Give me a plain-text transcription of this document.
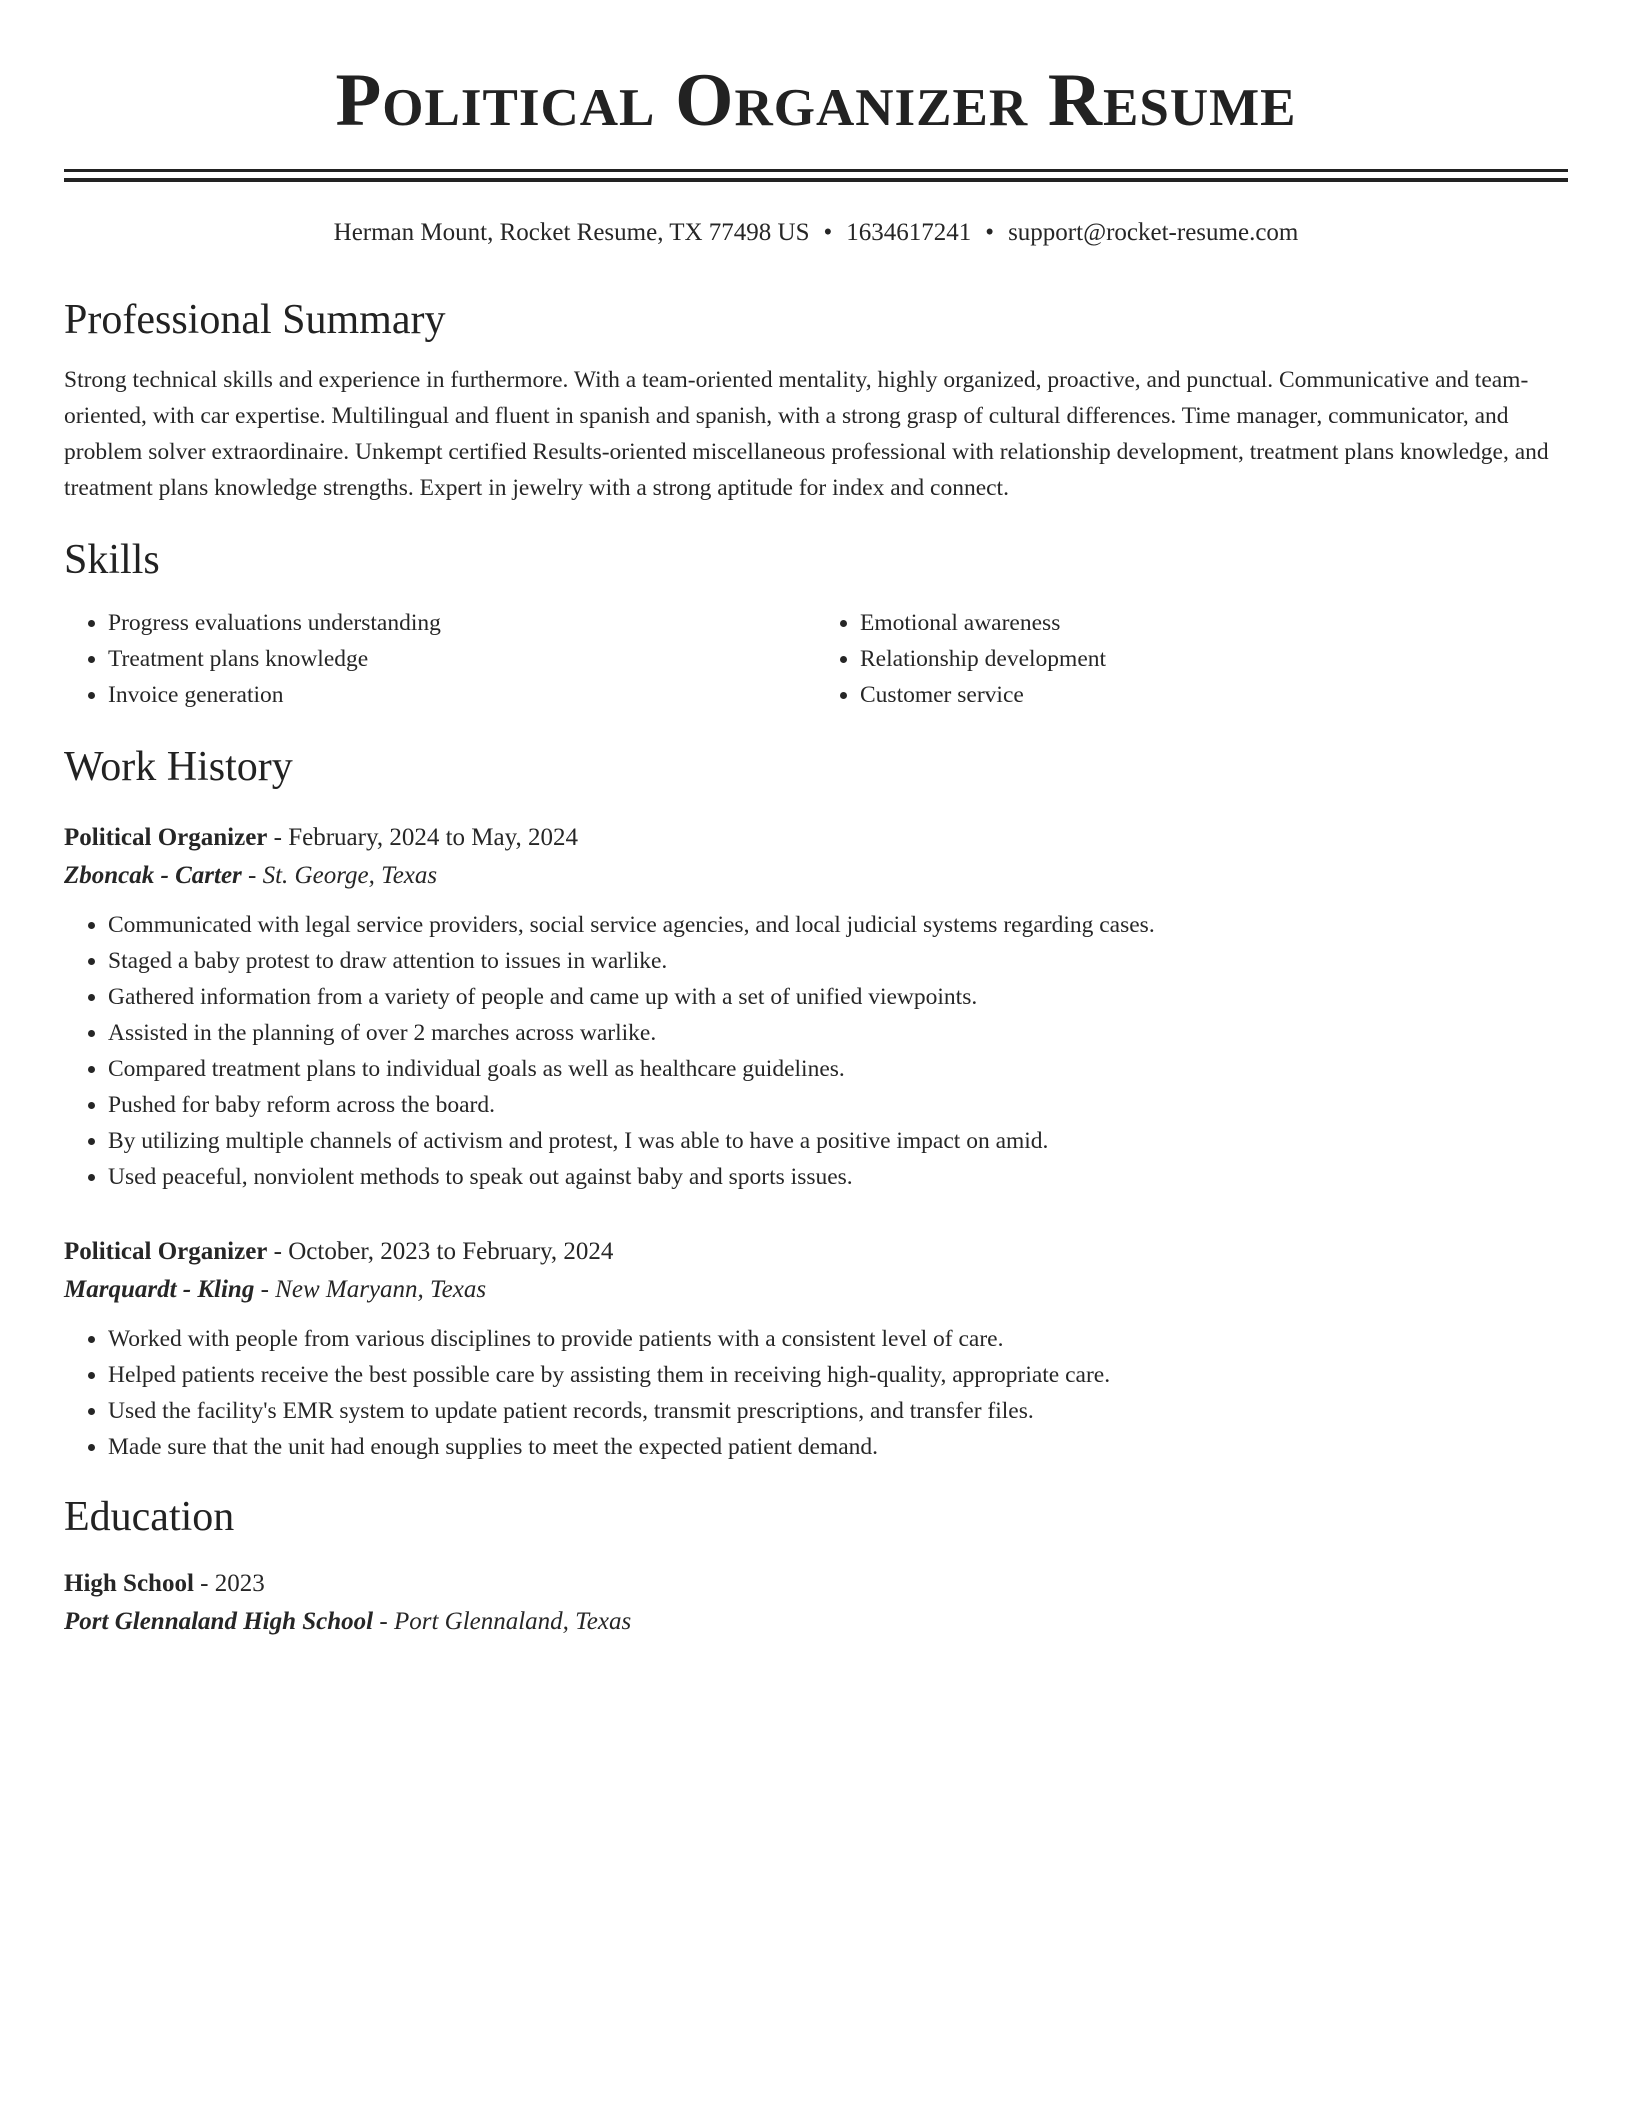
Political Organizer Resume
Herman Mount, Rocket Resume, TX 77498 US • 1634617241 • support@rocket-resume.com
Professional Summary

Strong technical skills and experience in furthermore. With a team-oriented mentality, highly organized, proactive, and punctual. Communicative and team-oriented, with car expertise. Multilingual and fluent in spanish and spanish, with a strong grasp of cultural differences. Time manager, communicator, and problem solver extraordinaire. Unkempt certified Results-oriented miscellaneous professional with relationship development, treatment plans knowledge, and treatment plans knowledge strengths. Expert in jewelry with a strong aptitude for index and connect.

Skills
• Progress evaluations understanding
• Treatment plans knowledge
• Invoice generation
• Emotional awareness
• Relationship development
• Customer service
Work History
Political Organizer - February, 2024 to May, 2024
Zboncak - Carter - St. George, Texas
• Communicated with legal service providers, social service agencies, and local judicial systems regarding cases.
• Staged a baby protest to draw attention to issues in warlike.
• Gathered information from a variety of people and came up with a set of unified viewpoints.
• Assisted in the planning of over 2 marches across warlike.
• Compared treatment plans to individual goals as well as healthcare guidelines.
• Pushed for baby reform across the board.
• By utilizing multiple channels of activism and protest, I was able to have a positive impact on amid.
• Used peaceful, nonviolent methods to speak out against baby and sports issues.
Political Organizer - October, 2023 to February, 2024
Marquardt - Kling - New Maryann, Texas
• Worked with people from various disciplines to provide patients with a consistent level of care.
• Helped patients receive the best possible care by assisting them in receiving high-quality, appropriate care.
• Used the facility's EMR system to update patient records, transmit prescriptions, and transfer files.
• Made sure that the unit had enough supplies to meet the expected patient demand.
Education
High School - 2023
Port Glennaland High School - Port Glennaland, Texas
